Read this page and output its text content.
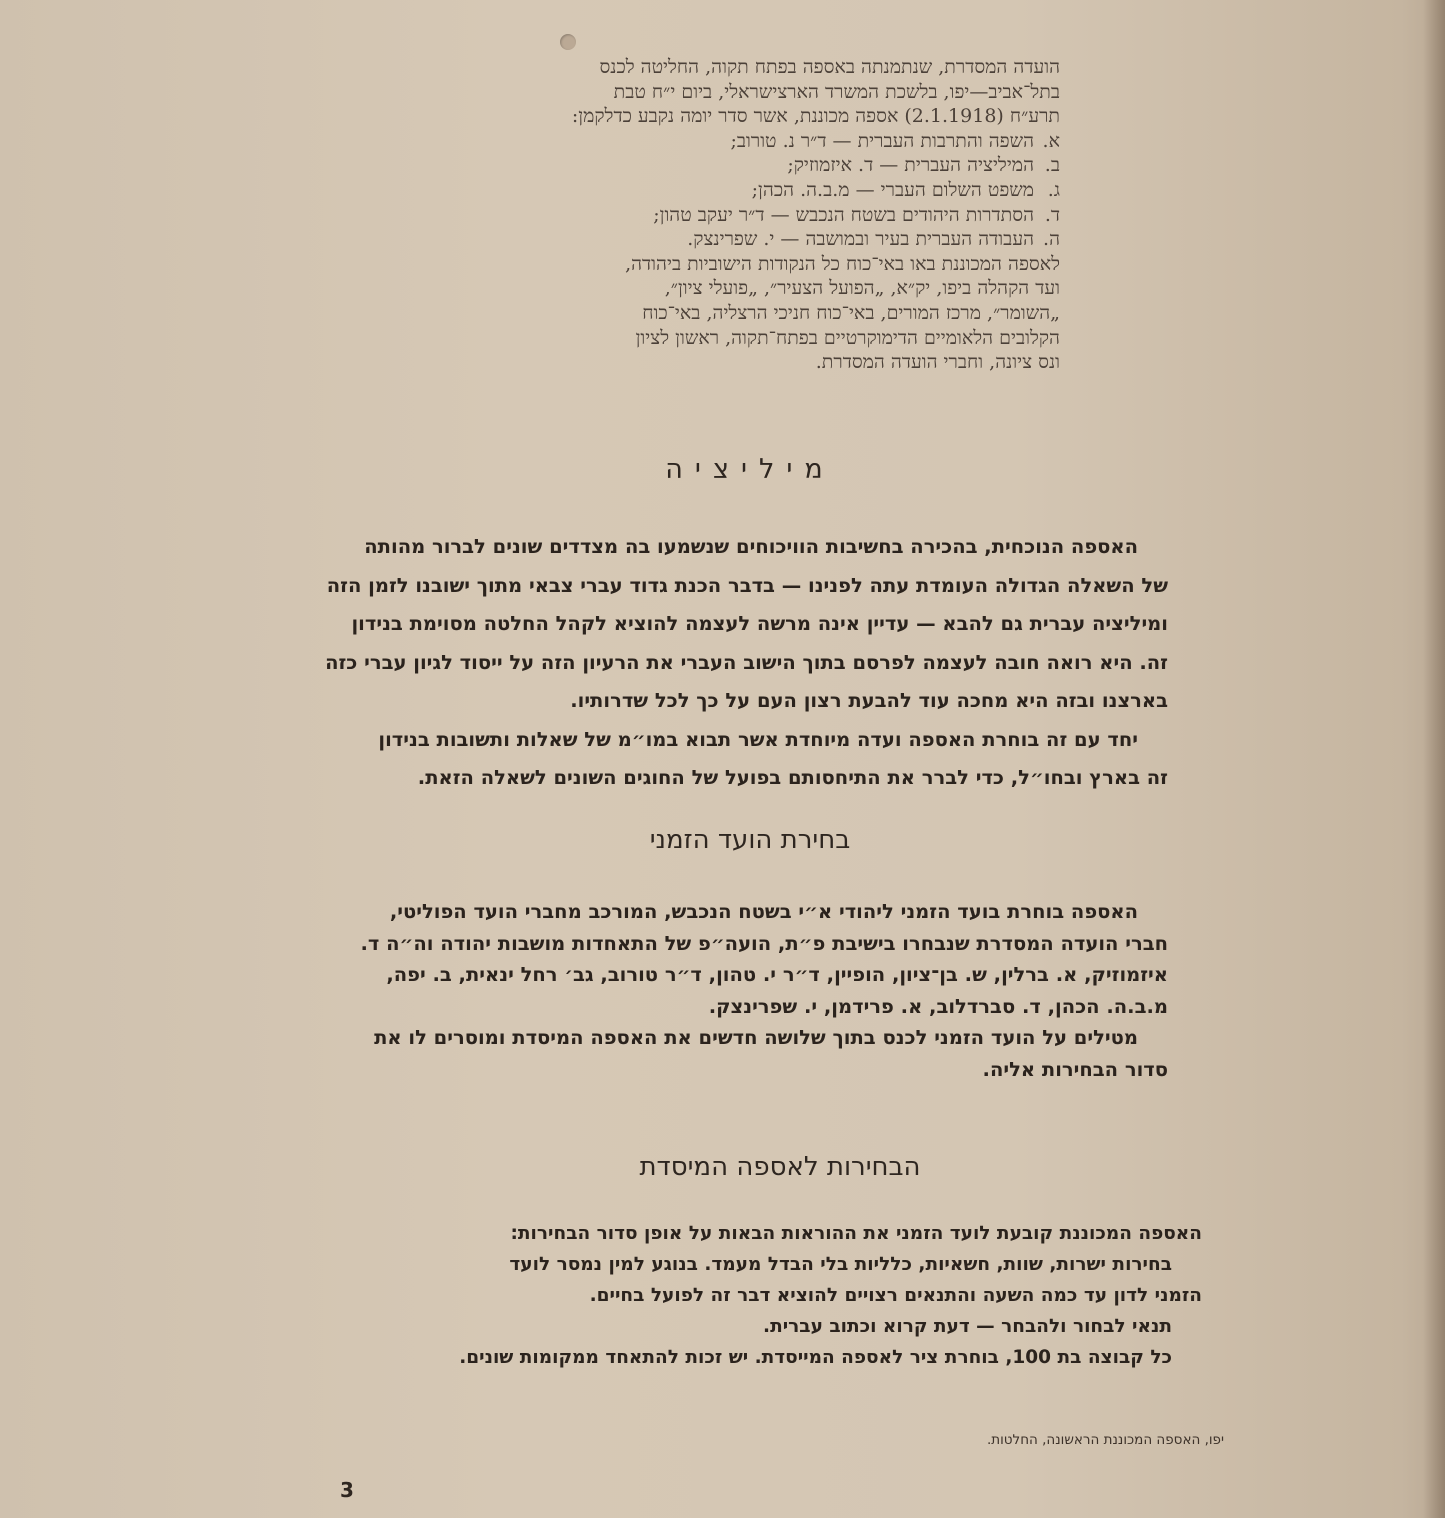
הועדה המסדרת, שנתמנתה באספה בפתח תקוה, החליטה לכנס
בתל־אביב—יפו, בלשכת המשרד הארצישראלי, ביום י״ח טבת
תרע״ח (2.1.1918) אספה מכוננת, אשר סדר יומה נקבע כדלקמן:
א.השפה והתרבות העברית — ד״ר נ. טורוב;
ב.המיליציה העברית — ד. איזמוזיק;
ג.משפט השלום העברי — מ.ב.ה. הכהן;
ד.הסתדרות היהודים בשטח הנכבש — ד״ר יעקב טהון;
ה.העבודה העברית בעיר ובמושבה — י. שפרינצק.
לאספה המכוננת באו באי־כוח כל הנקודות הישוביות ביהודה,
ועד הקהלה ביפו, יק״א, „הפועל הצעיר״, „פועלי ציון״,
„השומר״, מרכז המורים, באי־כוח חניכי הרצליה, באי־כוח
הקלובים הלאומיים הדימוקרטיים בפתח־תקוה, ראשון לציון
ונס ציונה, וחברי הועדה המסדרת.
מיליציה
האספה הנוכחית, בהכירה בחשיבות הוויכוחים שנשמעו בה מצדדים שונים לברור מהותה
של השאלה הגדולה העומדת עתה לפנינו — בדבר הכנת גדוד עברי צבאי מתוך ישובנו לזמן הזה
ומיליציה עברית גם להבא — עדיין אינה מרשה לעצמה להוציא לקהל החלטה מסוימת בנידון
זה. היא רואה חובה לעצמה לפרסם בתוך הישוב העברי את הרעיון הזה על ייסוד לגיון עברי כזה
בארצנו ובזה היא מחכה עוד להבעת רצון העם על כך לכל שדרותיו.
יחד עם זה בוחרת האספה ועדה מיוחדת אשר תבוא במו״מ של שאלות ותשובות בנידון
זה בארץ ובחו״ל, כדי לברר את התיחסותם בפועל של החוגים השונים לשאלה הזאת.
בחירת הועד הזמני
האספה בוחרת בועד הזמני ליהודי א״י בשטח הנכבש, המורכב מחברי הועד הפוליטי,
חברי הועדה המסדרת שנבחרו בישיבת פ״ת, הועה״פ של התאחדות מושבות יהודה וה״ה ד.
איזמוזיק, א. ברלין, ש. בן־ציון, הופיין, ד״ר י. טהון, ד״ר טורוב, גב׳ רחל ינאית, ב. יפה,
מ.ב.ה. הכהן, ד. סברדלוב, א. פרידמן, י. שפרינצק.
מטילים על הועד הזמני לכנס בתוך שלושה חדשים את האספה המיסדת ומוסרים לו את
סדור הבחירות אליה.
הבחירות לאספה המיסדת
האספה המכוננת קובעת לועד הזמני את ההוראות הבאות על אופן סדור הבחירות:
בחירות ישרות, שוות, חשאיות, כלליות בלי הבדל מעמד. בנוגע למין נמסר לועד
הזמני לדון עד כמה השעה והתנאים רצויים להוציא דבר זה לפועל בחיים.
תנאי לבחור ולהבחר — דעת קרוא וכתוב עברית.
כל קבוצה בת 100, בוחרת ציר לאספה המייסדת. יש זכות להתאחד ממקומות שונים.
יפו, האספה המכוננת הראשונה, החלטות.
3
